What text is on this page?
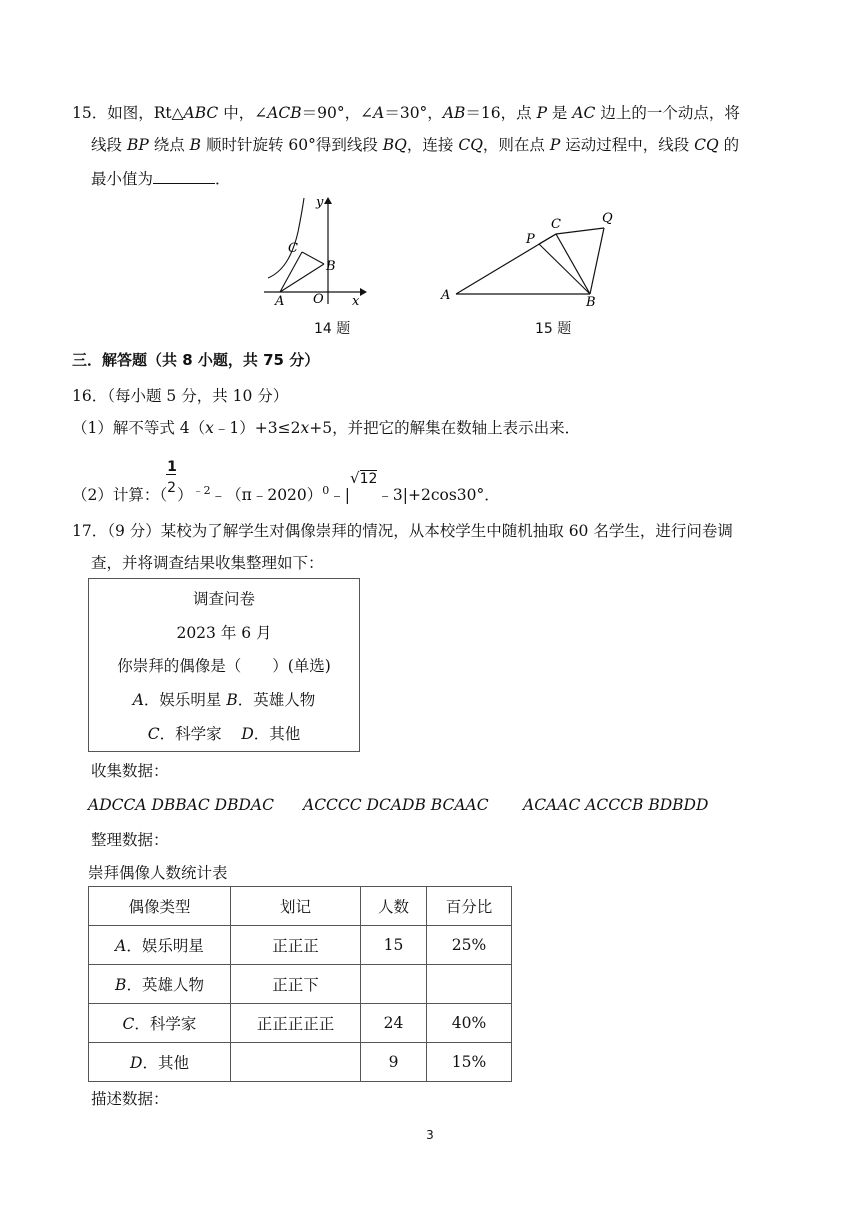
15．如图，Rt△ABC 中，∠ACB＝90°，∠A＝30°，AB＝16，点 P 是 AC 边上的一个动点，将
线段 BP 绕点 B 顺时针旋转 60°得到线段 BQ，连接 CQ，则在点 P 运动过程中，线段 CQ 的
最小值为	．
y
x
C
B
A O
14 题
A	B
C
P
Q
15 题
三．解答题（共 8 小题，共 75 分）
16．（每小题 5 分，共 10 分）
（1）解不等式 4（x﹣1）+3≤2x+5，并把它的解集在数轴上表示出来．
（2）计算：（ $\frac{1}{2}$ ）$^{﹣2}$﹣（π﹣2020）$^0$﹣|√12﹣3|+2cos30°．
17．（9 分）某校为了解学生对偶像崇拜的情况，从本校学生中随机抽取 60 名学生，进行问卷调
查，并将调查结果收集整理如下：
调查问卷
2023 年 6 月
你崇拜的偶像是（　　）(单选)
A．娱乐明星 B．英雄人物
C．科学家 D．其他
收集数据：
ADCCA DBBAC DBDAC ACCCC DCADB BCAAC ACAAC ACCCB BDBDD
整理数据：
崇拜偶像人数统计表
偶像类型	划记	人数	百分比
A．娱乐明星	正正正	15	25%
B．英雄人物	正正下		
C．科学家	正正正正正	24	40%
D．其他		9	15%
描述数据：
3
